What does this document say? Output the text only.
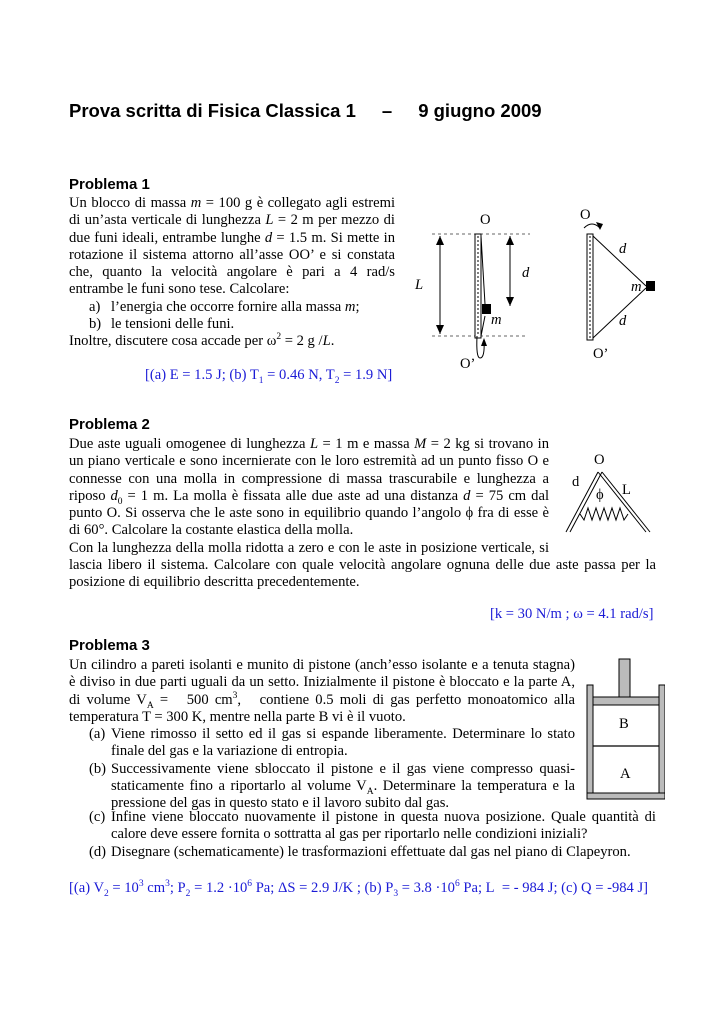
Prova scritta di Fisica Classica 1 – 9 giugno 2009
Problema 1

Un blocco di massa m = 100 g è collegato agli estremi

di un’asta verticale di lunghezza L = 2 m per mezzo di

due funi ideali, entrambe lunghe d = 1.5 m. Si mette in

rotazione il sistema attorno all’asse OO’ e si constata

che, quanto la velocità angolare è pari a 4 rad/s

entrambe le funi sono tese. Calcolare:

a) l’energia che occorre fornire alla massa m;
b) le tensioni delle funi.

Inoltre, discutere cosa accade per $\omega^2 = 2$ g /L.

[(a) E = 1.5 J; (b) $T_1 = 0.46$ N, $T_2 = 1.9$ N]
O
L
m
d
O’
O
d
m
d
O’
Problema 2

Due aste uguali omogenee di lunghezza L = 1 m e massa M = 2 kg si trovano in

un piano verticale e sono incernierate con le loro estremità ad un punto fisso O e

connesse con una molla in compressione di massa trascurabile e lunghezza a

riposo $d_0 = 1$ m. La molla è fissata alle due aste ad una distanza d = 75 cm dal

punto O. Si osserva che le aste sono in equilibrio quando l’angolo ϕ fra di esse è

di 60°. Calcolare la costante elastica della molla.

Con la lunghezza della molla ridotta a zero e con le aste in posizione verticale, si

lascia libero il sistema. Calcolare con quale velocità angolare ognuna delle due aste passa per la

posizione di equilibrio descritta precedentemente.

[k = 30 N/m ; ω = 4.1 rad/s]
O
d
ϕ L
Problema 3

Un cilindro a pareti isolanti e munito di pistone (anch’esso isolante e a tenuta stagna)

è diviso in due parti uguali da un setto. Inizialmente il pistone è bloccato e la parte A,

di volume $V_A = 500$ $cm^3$,   contiene 0.5 moli di gas perfetto monoatomico alla

temperatura T = 300 K, mentre nella parte B vi è il vuoto.

(a) Viene rimosso il setto ed il gas si espande liberamente. Determinare lo stato finale del gas e la variazione di entropia.
(b) Successivamente viene sbloccato il pistone e il gas viene compresso quasi-staticamente fino a riportarlo al volume $V_A$. Determinare la temperatura e la pressione del gas in questo stato e il lavoro subito dal gas.
(c) Infine viene bloccato nuovamente il pistone in questa nuova posizione. Quale quantità di calore deve essere fornita o sottratta al gas per riportarlo nelle condizioni iniziali?
(d) Disegnare (schematicamente) le trasformazioni effettuate dal gas nel piano di Clapeyron.
[(a) $V_2 = 10^3$ $cm^3$; $P_2 = 1.2 \cdot 10^6$ Pa; ΔS = 2.9 J/K ; (b) $P_3 = 3.8 \cdot 10^6$ Pa; L  = - 984 J; (c) Q = -984 J]
B
A
